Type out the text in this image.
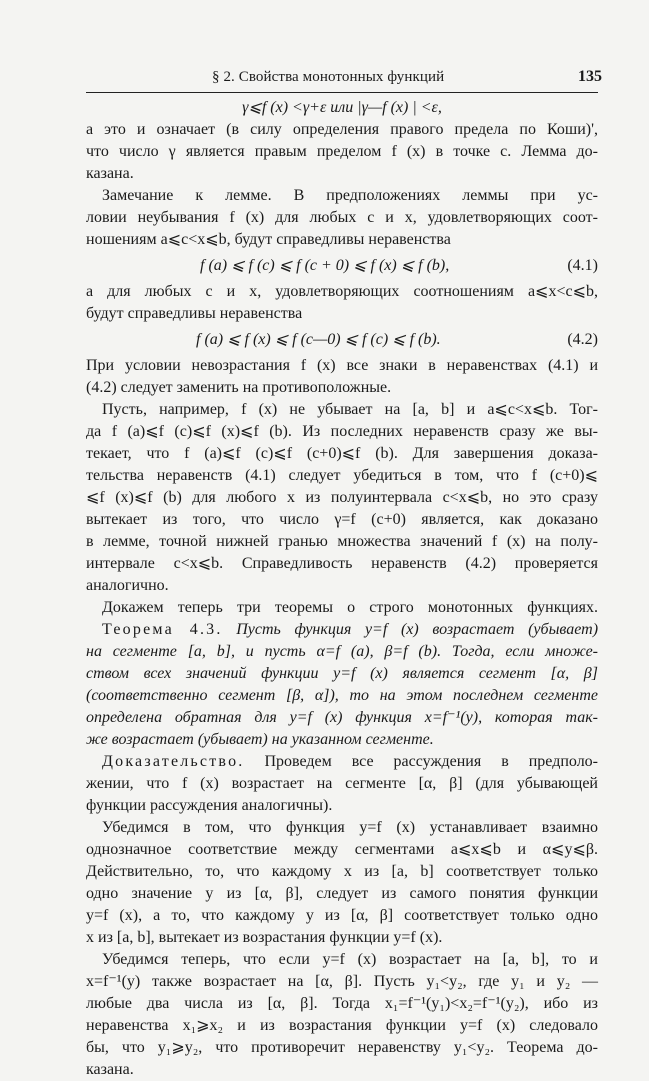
§ 2. Свойства монотонных функций	135
γ⩽f (x) <γ+ε или |γ—f (x) | <ε,
а это и означает (в силу определения правого предела по Коши)',
что число γ является правым пределом f (x) в точке c. Лемма до-
казана.
Замечание к лемме. В предположениях леммы при ус-
ловии неубывания f (x) для любых c и x, удовлетворяющих соот-
ношениям a⩽c<x⩽b, будут справедливы неравенства
f (a) ⩽ f (c) ⩽ f (c + 0) ⩽ f (x) ⩽ f (b),	(4.1)
а для любых c и x, удовлетворяющих соотношениям a⩽x<c⩽b,
будут справедливы неравенства
f (a) ⩽ f (x) ⩽ f (c—0) ⩽ f (c) ⩽ f (b).	(4.2)
При условии невозрастания f (x) все знаки в неравенствах (4.1) и
(4.2) следует заменить на противоположные.
Пусть, например, f (x) не убывает на [a, b] и a⩽c<x⩽b. Тог-
да f (a)⩽f (c)⩽f (x)⩽f (b). Из последних неравенств сразу же вы-
текает, что f (a)⩽f (c)⩽f (c+0)⩽f (b). Для завершения доказа-
тельства неравенств (4.1) следует убедиться в том, что f (c+0)⩽
⩽f (x)⩽f (b) для любого x из полуинтервала c<x⩽b, но это сразу
вытекает из того, что число γ=f (c+0) является, как доказано
в лемме, точной нижней гранью множества значений f (x) на полу-
интервале c<x⩽b. Справедливость неравенств (4.2) проверяется
аналогично.
Докажем теперь три теоремы о строго монотонных функциях.
Теорема 4.3. Пусть функция y=f (x) возрастает (убывает)
на сегменте [a, b], и пусть α=f (a), β=f (b). Тогда, если множе-
ством всех значений функции y=f (x) является сегмент [α, β]
(соответственно сегмент [β, α]), то на этом последнем сегменте
определена обратная для y=f (x) функция x=f⁻¹(y), которая так-
же возрастает (убывает) на указанном сегменте.
Доказательство. Проведем все рассуждения в предполо-
жении, что f (x) возрастает на сегменте [α, β] (для убывающей
функции рассуждения аналогичны).
Убедимся в том, что функция y=f (x) устанавливает взаимно
однозначное соответствие между сегментами a⩽x⩽b и α⩽y⩽β.
Действительно, то, что каждому x из [a, b] соответствует только
одно значение y из [α, β], следует из самого понятия функции
y=f (x), а то, что каждому y из [α, β] соответствует только одно
x из [a, b], вытекает из возрастания функции y=f (x).
Убедимся теперь, что если y=f (x) возрастает на [a, b], то и
x=f⁻¹(y) также возрастает на [α, β]. Пусть y₁<y₂, где y₁ и y₂ —
любые два числа из [α, β]. Тогда x₁=f⁻¹(y₁)<x₂=f⁻¹(y₂), ибо из
неравенства x₁⩾x₂ и из возрастания функции y=f (x) следовало
бы, что y₁⩾y₂, что противоречит неравенству y₁<y₂. Теорема до-
казана.
